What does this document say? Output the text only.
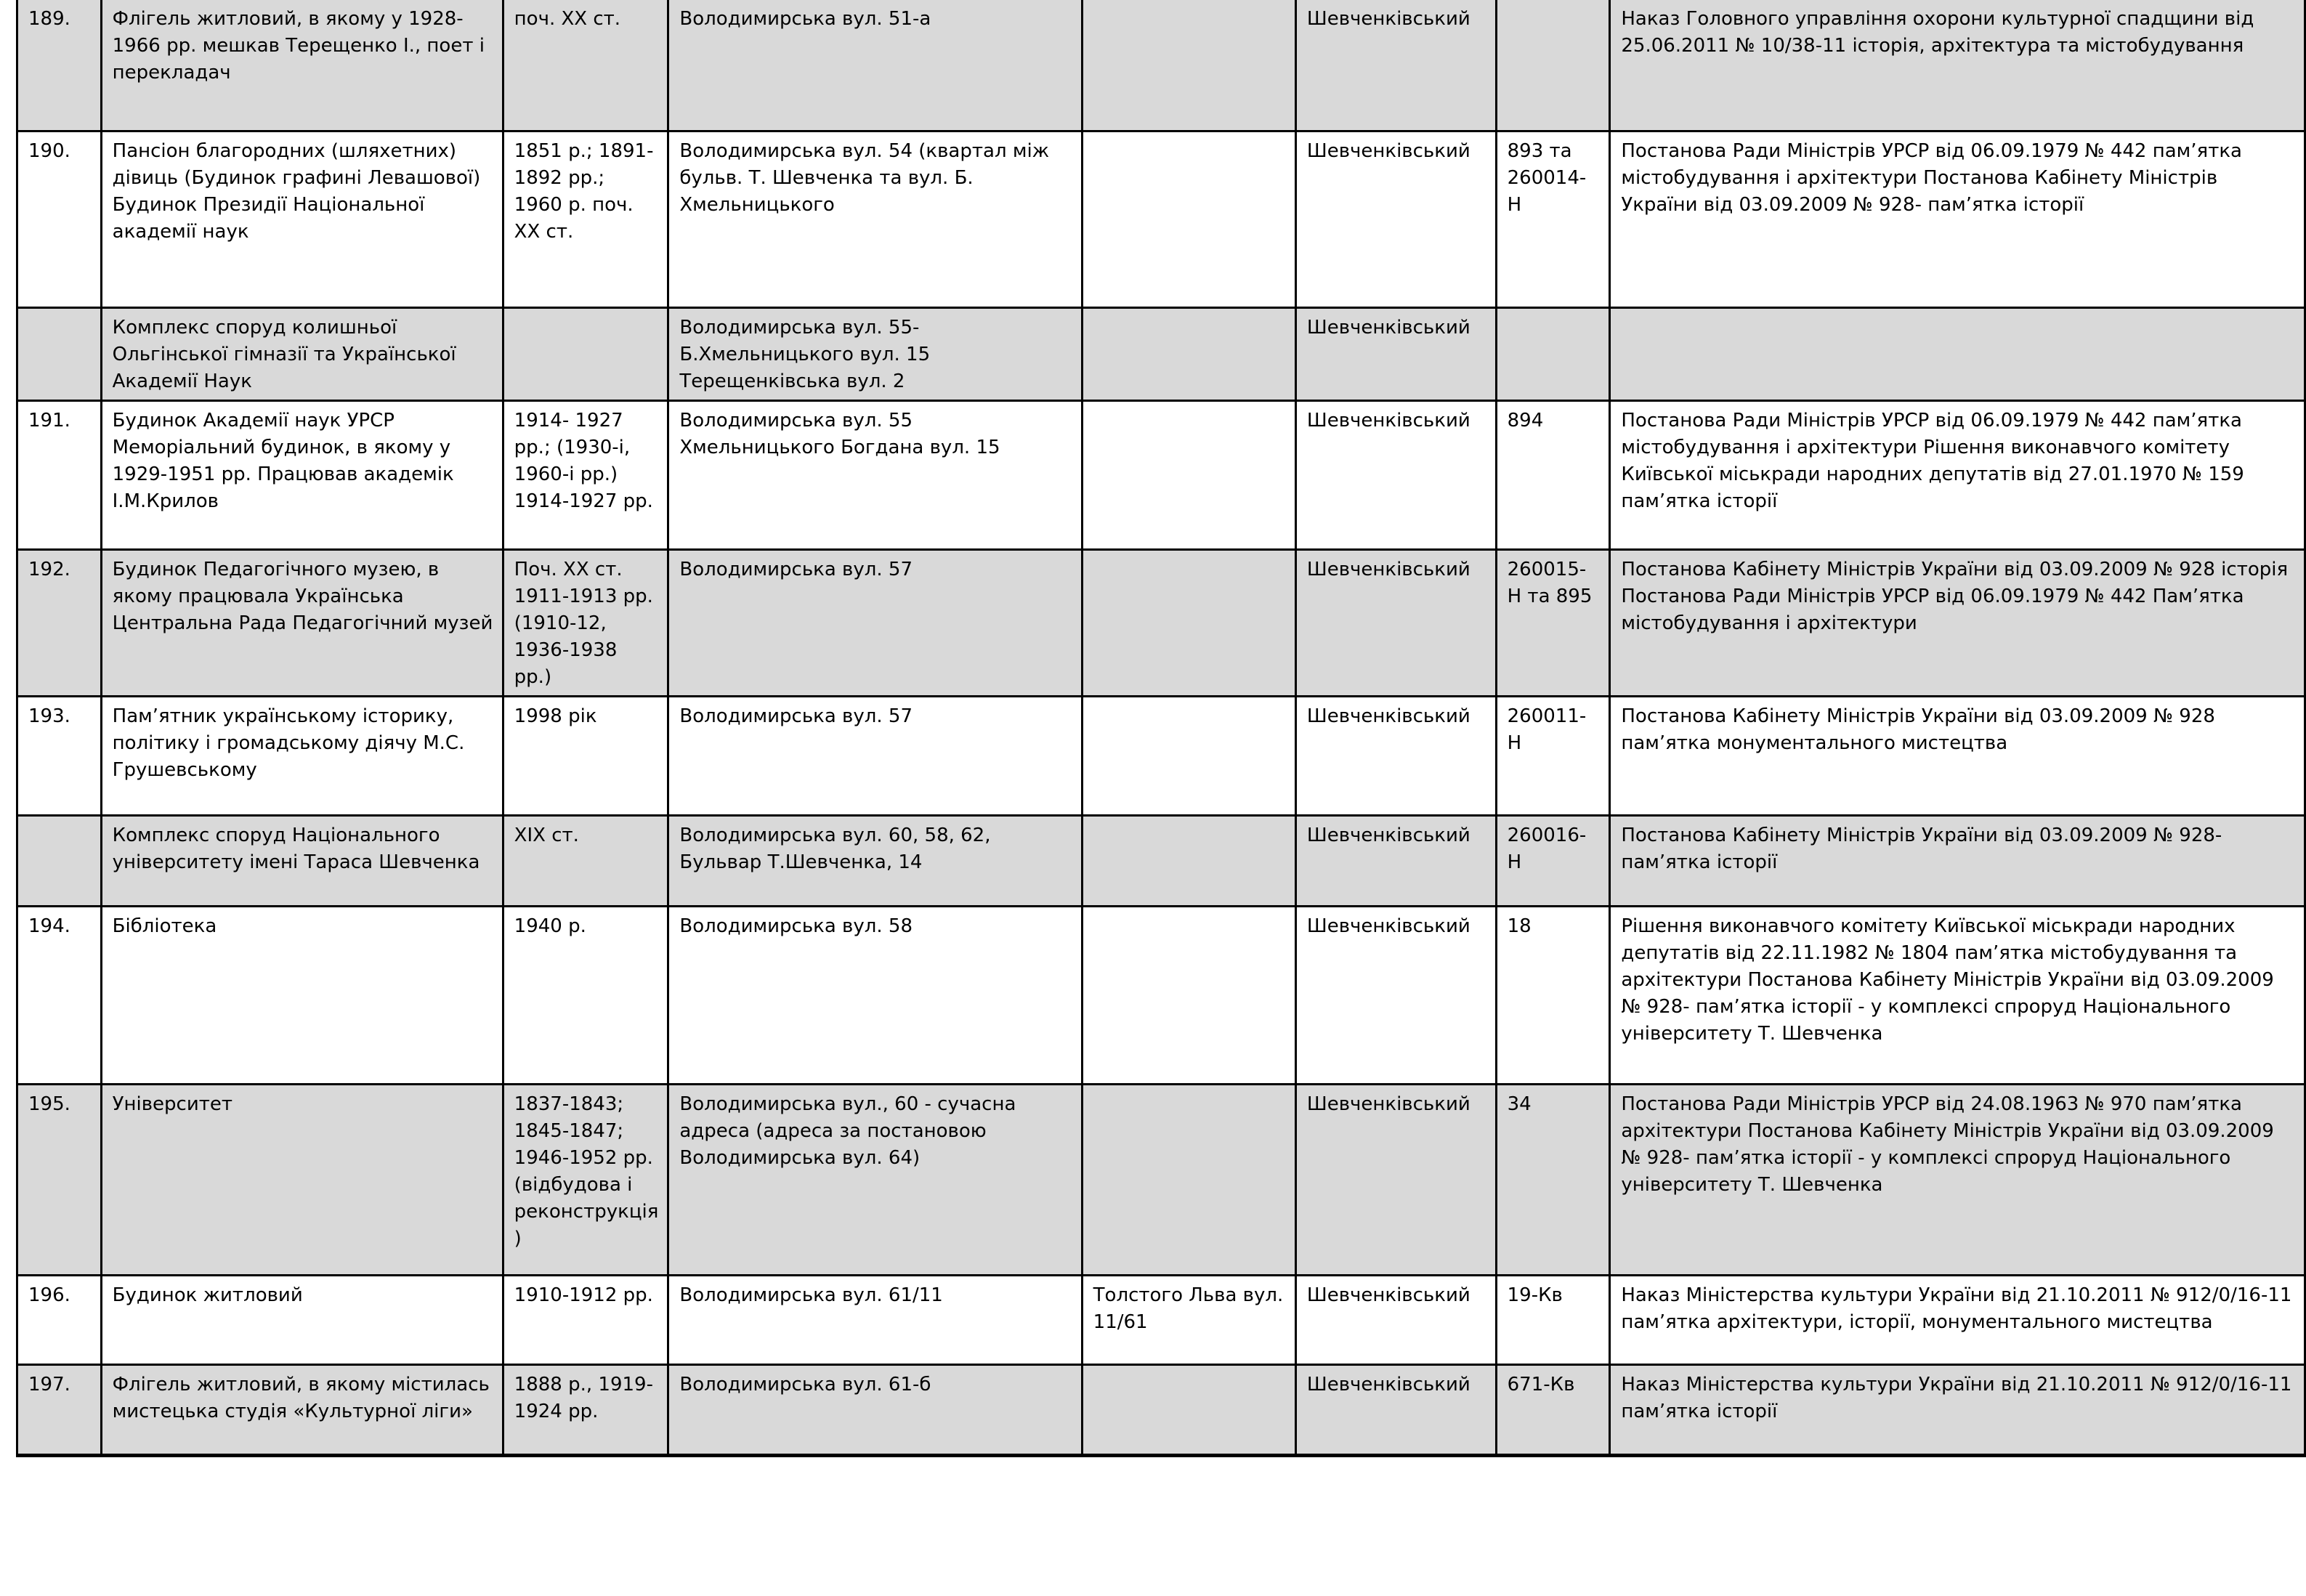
189.	Флігель житловий, в якому у 1928-1966 рр. мешкав Терещенко І., поет і перекладач	поч. XX ст.	Володимирська вул. 51-а		Шевченківський		Наказ Головного управління охорони культурної спадщини від 25.06.2011 № 10/38-11 історія, архітектура та містобудування
190.	Пансіон благородних (шляхетних) дівиць (Будинок графині Левашової) Будинок Президії Національної академії наук	1851 р.; 1891-1892 рр.; 1960 р. поч. XX ст.	Володимирська вул. 54 (квартал між бульв. Т. Шевченка та вул. Б. Хмельницького		Шевченківський	893 та 260014-Н	Постанова Ради Міністрів УРСР від 06.09.1979 № 442 пам’ятка містобудування і архітектури Постанова Кабінету Міністрів України від 03.09.2009 № 928- пам’ятка історії
	Комплекс споруд колишньої Ольгінської гімназії та Української Академії Наук		Володимирська вул. 55- Б.Хмельницького вул. 15 Терещенківська вул. 2		Шевченківський		
191.	Будинок Академії наук УРСР Меморіальний будинок, в якому у 1929-1951 рр. Працював академік І.М.Крилов	1914- 1927 рр.; (1930-і, 1960-і рр.) 1914-1927 рр.	Володимирська вул. 55 Хмельницького Богдана вул. 15		Шевченківський	894	Постанова Ради Міністрів УРСР від 06.09.1979 № 442 пам’ятка містобудування і архітектури Рішення виконавчого комітету Київської міськради народних депутатів від 27.01.1970 № 159 пам’ятка історії
192.	Будинок Педагогічного музею, в якому працювала Українська Центральна Рада Педагогічний музей	Поч. XX ст. 1911-1913 рр. (1910-12, 1936-1938 рр.)	Володимирська вул. 57		Шевченківський	260015-Н та 895	Постанова Кабінету Міністрів України від 03.09.2009 № 928 історія Постанова Ради Міністрів УРСР від 06.09.1979 № 442 Пам’ятка містобудування і архітектури
193.	Пам’ятник українському історику, політику і громадському діячу М.С. Грушевському	1998 рік	Володимирська вул. 57		Шевченківський	260011-Н	Постанова Кабінету Міністрів України від 03.09.2009 № 928 пам’ятка монументального мистецтва
	Комплекс споруд Національного університету імені Тараса Шевченка	XIX ст.	Володимирська вул. 60, 58, 62, Бульвар Т.Шевченка, 14		Шевченківський	260016-Н	Постанова Кабінету Міністрів України від 03.09.2009 № 928- пам’ятка історії
194.	Бібліотека	1940 р.	Володимирська вул. 58		Шевченківський	18	Рішення виконавчого комітету Київської міськради народних депутатів від 22.11.1982 № 1804 пам’ятка містобудування та архітектури Постанова Кабінету Міністрів України від 03.09.2009 № 928- пам’ятка історії - у комплексі спроруд Національного університету Т. Шевченка
195.	Університет	1837-1843; 1845-1847; 1946-1952 рр.(відбудова і реконструкція )	Володимирська вул., 60 - сучасна адреса (адреса за постановою Володимирська вул. 64)		Шевченківський	34	Постанова Ради Міністрів УРСР від 24.08.1963 № 970 пам’ятка архітектури Постанова Кабінету Міністрів України від 03.09.2009 № 928- пам’ятка історії - у комплексі спроруд Національного університету Т. Шевченка
196.	Будинок житловий	1910-1912 рр.	Володимирська вул. 61/11	Толстого Льва вул. 11/61	Шевченківський	19-Кв	Наказ Міністерства культури України від 21.10.2011 № 912/0/16-11 пам’ятка архітектури, історії, монументального мистецтва
197.	Флігель житловий, в якому містилась мистецька студія «Культурної ліги»	1888 р., 1919-1924 рр.	Володимирська вул. 61-б		Шевченківський	671-Кв	Наказ Міністерства культури України від 21.10.2011 № 912/0/16-11 пам’ятка історії
